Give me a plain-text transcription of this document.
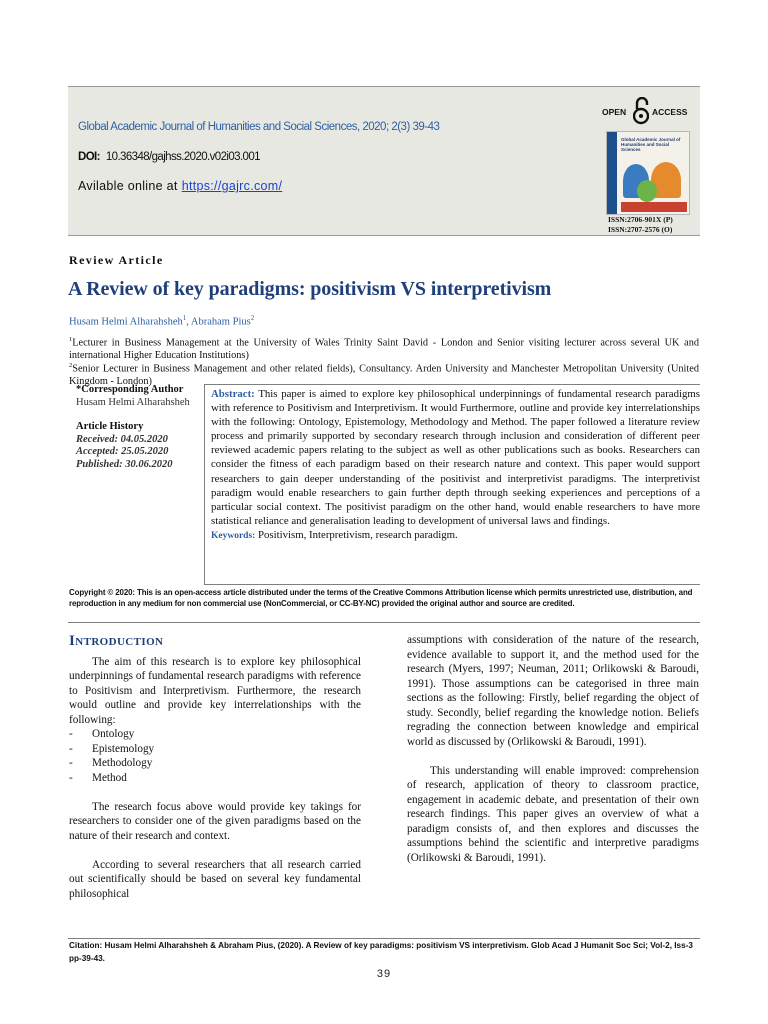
Global Academic Journal of Humanities and Social Sciences, 2020; 2(3) 39-43
DOI: 10.36348/gajhss.2020.v02i03.001
Avilable online at https://gajrc.com/
OPEN	ACCESS
Global Academic Journal of Humanities and Social Sciences
ISSN:2706-901X (P)
ISSN:2707-2576 (O)
Review Article
A Review of key paradigms: positivism VS interpretivism
Husam Helmi Alharahsheh$^1$, Abraham Pius$^2$
$^1$Lecturer in Business Management at the University of Wales Trinity Saint David - London and Senior visiting lecturer across several UK and international Higher Education Institutions)
$^2$Senior Lecturer in Business Management and other related fields), Consultancy. Arden University and Manchester Metropolitan University (United Kingdom - London)
*Corresponding Author
Husam Helmi Alharahsheh
Article History
Received: 04.05.2020
Accepted: 25.05.2020
Published: 30.06.2020
Abstract: This paper is aimed to explore key philosophical underpinnings of fundamental research paradigms with reference to Positivism and Interpretivism. It would Furthermore, outline and provide key interrelationships with the following: Ontology, Epistemology, Methodology and Method. The paper followed a literature review process and primarily supported by secondary research through inclusion and consideration of different peer reviewed academic papers relating to the subject as well as other publications such as books. Researchers can consider the fitness of each paradigm based on their research nature and context. This paper would support researchers to gain deeper understanding of the positivist and interpretivist paradigms. The interpretivist paradigm would enable researchers to gain further depth through seeking experiences and perceptions of a particular social context. The positivist paradigm on the other hand, would enable researchers to have more statistical reliance and generalisation leading to development of universal laws and findings.
Keywords: Positivism, Interpretivism, research paradigm.
Copyright © 2020: This is an open-access article distributed under the terms of the Creative Commons Attribution license which permits unrestricted use, distribution, and reproduction in any medium for non commercial use (NonCommercial, or CC-BY-NC) provided the original author and source are credited.
Introduction

The aim of this research is to explore key philosophical underpinnings of fundamental research paradigms with reference to Positivism and Interpretivism. Furthermore, the research would outline and provide key interrelationships with the following:

- Ontology
- Epistemology
- Methodology
- Method

The research focus above would provide key takings for researchers to consider one of the given paradigms based on the nature of their research and context.

According to several researchers that all research carried out scientifically should be based on several key fundamental philosophical

assumptions with consideration of the nature of the research, evidence available to support it, and the method used for the research (Myers, 1997; Neuman, 2011; Orlikowski & Baroudi, 1991). Those assumptions can be categorised in three main sections as the following: Firstly, belief regarding the object of study. Secondly, belief regarding the knowledge notion. Beliefs regrading the connection between knowledge and empirical world as discussed by (Orlikowski & Baroudi, 1991).

This understanding will enable improved: comprehension of research, application of theory to classroom practice, engagement in academic debate, and presentation of their own research findings. This paper gives an overview of what a paradigm consists of, and then explores and discusses the assumptions behind the scientific and interpretive paradigms (Orlikowski & Baroudi, 1991).

Citation: Husam Helmi Alharahsheh & Abraham Pius, (2020). A Review of key paradigms: positivism VS interpretivism. Glob Acad J Humanit Soc Sci; Vol-2, Iss-3 pp-39-43.
39
